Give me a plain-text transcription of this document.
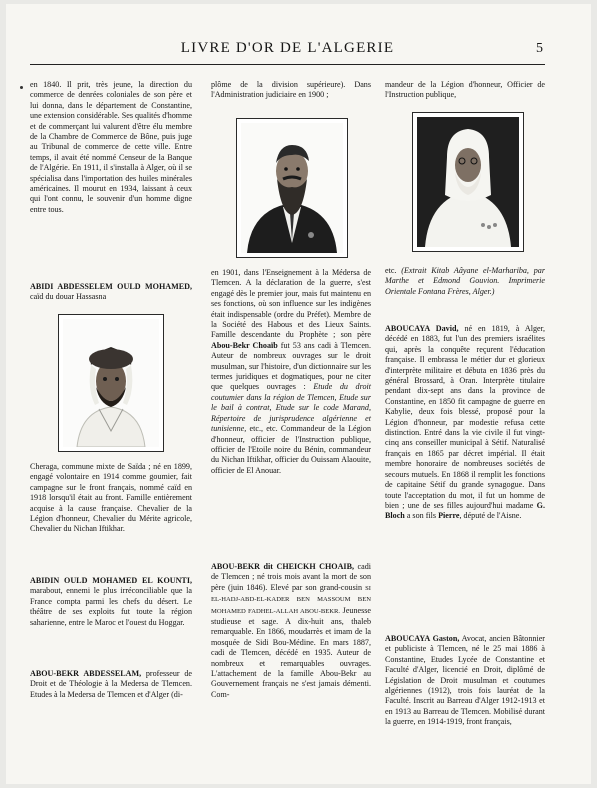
LIVRE D'OR DE L'ALGERIE	5

en 1840. Il prit, très jeune, la direction du commerce de denrées coloniales de son père et lui donna, dans le département de Constantine, une extension considérable. Ses qualités d'homme et de commerçant lui valurent d'être élu membre de la Chambre de Commerce de Bône, puis juge au Tribunal de commerce de cette ville. Entre temps, il avait été nommé Censeur de la Banque de l'Algérie. En 1911, il s'installa à Alger, où il se spécialisa dans l'importation des huiles minérales américaines. Il mourut en 1934, laissant à ceux qui l'ont connu, le souvenir d'un homme digne entre tous.

ABIDI ABDESSELEM OULD MOHAMED, caïd du douar Hassasna

Cheraga, commune mixte de Saïda ; né en 1899, engagé volontaire en 1914 comme goumier, fait campagne sur le front français, nommé caïd en 1918 lorsqu'il était au front. Famille entièrement acquise à la cause française. Chevalier de la Légion d'honneur, Chevalier du Mérite agricole, Chevalier du Nichan Iftikhar.

ABIDIN OULD MOHAMED EL KOUNTI, marabout, ennemi le plus irréconciliable que la France compta parmi les chefs du désert. Le théâtre de ses exploits fut toute la région saharienne, entre le Maroc et l'ouest du Hoggar.

ABOU-BEKR ABDESSELAM, professeur de Droit et de Théologie à la Medersa de Tlemcen. Etudes à la Medersa de Tlemcen et d'Alger (di-

plôme de la division supérieure). Dans l'Administration judiciaire en 1900 ;

en 1901, dans l'Enseignement à la Médersa de Tlemcen. A la déclaration de la guerre, s'est engagé dès le premier jour, mais fut maintenu en ses fonctions, où son influence sur les indigènes était indispensable (ordre du Préfet). Membre de la Société des Habous et des Lieux Saints. Famille descendante du Prophète ; son père Abou-Bekr Choaïb fut 53 ans cadi à Tlemcen. Auteur de nombreux ouvrages sur le droit musulman, sur l'histoire, d'un dictionnaire sur les termes juridiques et dogmatiques, pour ne citer que quelques ouvrages : Etude du droit coutumier dans la région de Tlemcen, Etude sur le bail à contrat, Etude sur le code Marand, Répertoire de jurisprudence algérienne et tunisienne, etc., etc. Commandeur de la Légion d'honneur, officier de l'Instruction publique, officier de l'Etoile noire du Bénin, commandeur du Nichan Iftikhar, officier du Ouissam Alaouite, officier de El Anouar.

ABOU-BEKR dit CHEICKH CHOAIB, cadi de Tlemcen ; né trois mois avant la mort de son père (juin 1846). Elevé par son grand-cousin SI EL-HADJ-ABD-EL-KADER BEN MASSOUM BEN MOHAMED FADHEL-ALLAH ABOU-BEKR. Jeunesse studieuse et sage. A dix-huit ans, thaleb remarquable. En 1866, moudarrès et imam de la mosquée de Sidi Bou-Médine. En mars 1887, cadi de Tlemcen, décédé en 1935. Auteur de nombreux et remarquables ouvrages. L'attachement de la famille Abou-Bekr au Gouvernement français ne s'est jamais démenti. Com-

mandeur de la Légion d'honneur, Officier de l'Instruction publique,

etc. (Extrait Kitab Aâyane el-Marhariba, par Marthe et Edmond Gouvion. Imprimerie Orientale Fontana Frères, Alger.)

ABOUCAYA David, né en 1819, à Alger, décédé en 1883, fut l'un des premiers israélites qui, après la conquête reçurent l'éducation française. Il embrassa le métier dur et glorieux d'interprète militaire et débuta en 1836 près du général Brossard, à Oran. Interprète titulaire pendant dix-sept ans dans la province de Constantine, en 1850 fit campagne de guerre en Kabylie, deux fois blessé, proposé pour la Légion d'honneur, par modestie refusa cette distinction. Entré dans la vie civile il fut vingt-cinq ans conseiller municipal à Sétif. Naturalisé français en 1865 par décret impérial. Il était membre honoraire de nombreuses sociétés de secours mutuels. En 1868 il remplit les fonctions de capitaine Sétif du grande synagogue. Dans toute l'acceptation du mot, il fut un homme de bien ; une de ses filles aujourd'hui madame G. Bloch a son fils Pierre, député de l'Aisne.

ABOUCAYA Gaston, Avocat, ancien Bâtonnier et publiciste à Tlemcen, né le 25 mai 1886 à Constantine, Etudes Lycée de Constantine et Faculté d'Alger, licencié en Droit, diplômé de Législation de Droit musulman et coutumes algériennes (1912), trois fois lauréat de la Faculté. Inscrit au Barreau d'Alger 1912-1913 et en 1913 au Barreau de Tlemcen. Mobilisé durant la guerre, en 1914-1919, front français,
